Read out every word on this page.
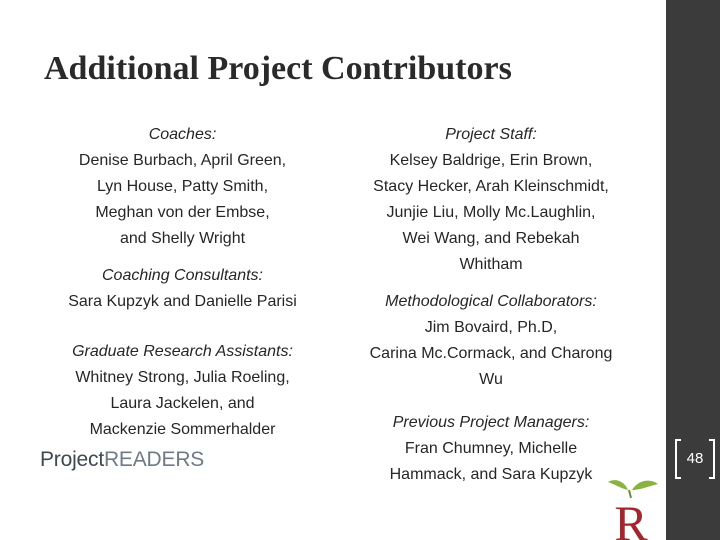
Additional Project Contributors
Coaches:
Denise Burbach, April Green,
Lyn House, Patty Smith,
Meghan von der Embse,
and Shelly Wright
Coaching Consultants:
Sara Kupzyk and Danielle Parisi
Graduate Research Assistants:
Whitney Strong, Julia Roeling,
Laura Jackelen, and
Mackenzie Sommerhalder
Project Staff:
Kelsey Baldrige, Erin Brown,
Stacy Hecker, Arah Kleinschmidt,
Junjie Liu, Molly Mc.Laughlin,
Wei Wang, and Rebekah
Whitham
Methodological Collaborators:
Jim Bovaird, Ph.D,
Carina Mc.Cormack, and Charong
Wu
Previous Project Managers:
Fran Chumney, Michelle
Hammack, and Sara Kupzyk
ProjectREADERS	48
R
